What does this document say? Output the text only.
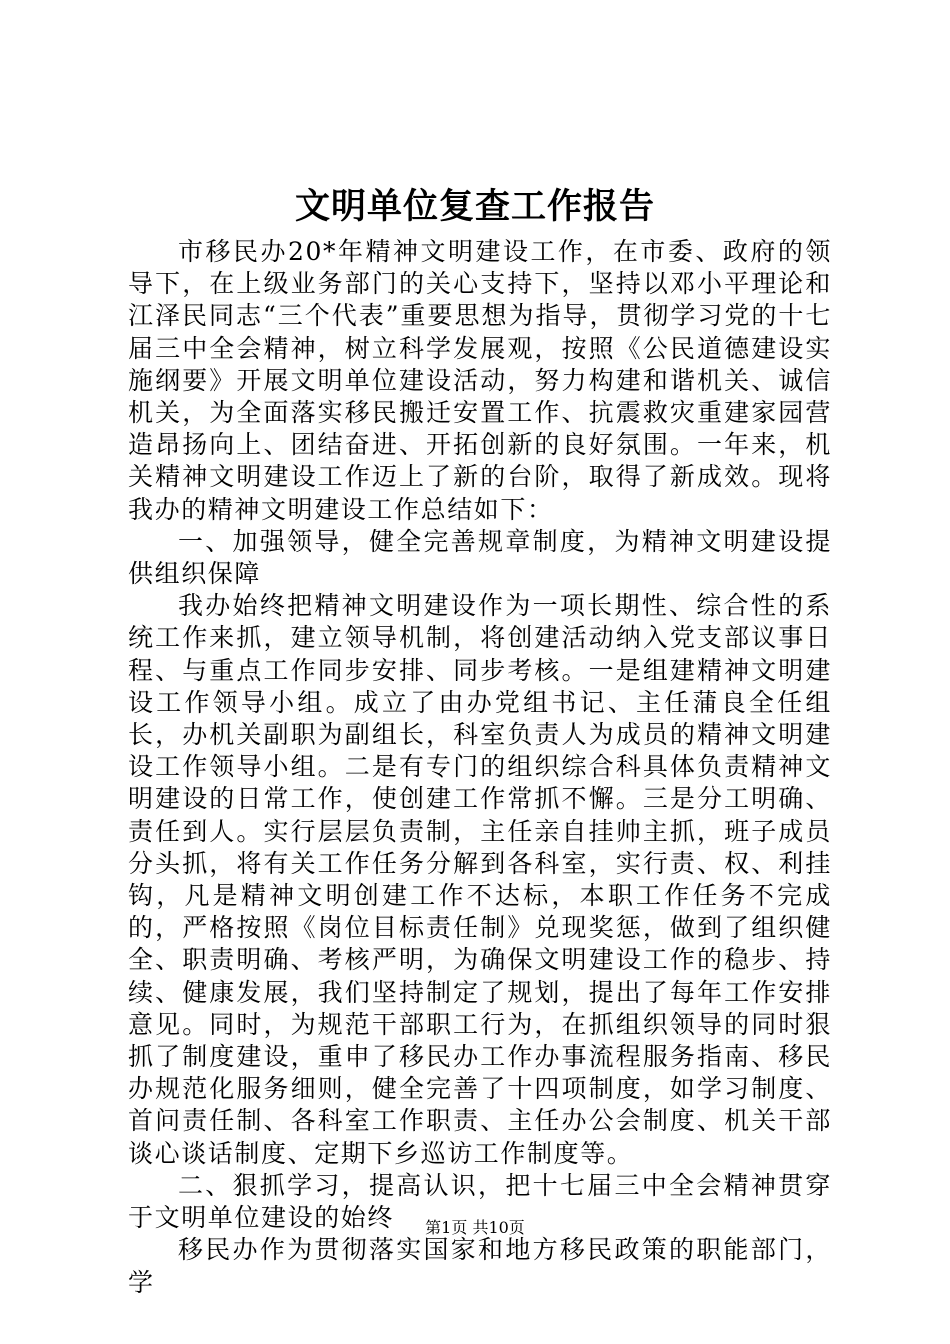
文明单位复查工作报告

市移民办20*年精神文明建设工作，在市委、政府的领导下，在上级业务部门的关心支持下，坚持以邓小平理论和江泽民同志“三个代表”重要思想为指导，贯彻学习党的十七届三中全会精神，树立科学发展观，按照《公民道德建设实施纲要》开展文明单位建设活动，努力构建和谐机关、诚信机关，为全面落实移民搬迁安置工作、抗震救灾重建家园营造昂扬向上、团结奋进、开拓创新的良好氛围。一年来，机关精神文明建设工作迈上了新的台阶，取得了新成效。现将我办的精神文明建设工作总结如下：

一、加强领导，健全完善规章制度，为精神文明建设提供组织保障

我办始终把精神文明建设作为一项长期性、综合性的系统工作来抓，建立领导机制，将创建活动纳入党支部议事日程、与重点工作同步安排、同步考核。一是组建精神文明建设工作领导小组。成立了由办党组书记、主任蒲良全任组长，办机关副职为副组长，科室负责人为成员的精神文明建设工作领导小组。二是有专门的组织综合科具体负责精神文明建设的日常工作，使创建工作常抓不懈。三是分工明确、责任到人。实行层层负责制，主任亲自挂帅主抓，班子成员分头抓，将有关工作任务分解到各科室，实行责、权、利挂钩，凡是精神文明创建工作不达标，本职工作任务不完成的，严格按照《岗位目标责任制》兑现奖惩，做到了组织健全、职责明确、考核严明，为确保文明建设工作的稳步、持续、健康发展，我们坚持制定了规划，提出了每年工作安排意见。同时，为规范干部职工行为，在抓组织领导的同时狠抓了制度建设，重申了移民办工作办事流程服务指南、移民办规范化服务细则，健全完善了十四项制度，如学习制度、首问责任制、各科室工作职责、主任办公会制度、机关干部谈心谈话制度、定期下乡巡访工作制度等。

二、狠抓学习，提高认识，把十七届三中全会精神贯穿于文明单位建设的始终

移民办作为贯彻落实国家和地方移民政策的职能部门，学

第1页 共10页
